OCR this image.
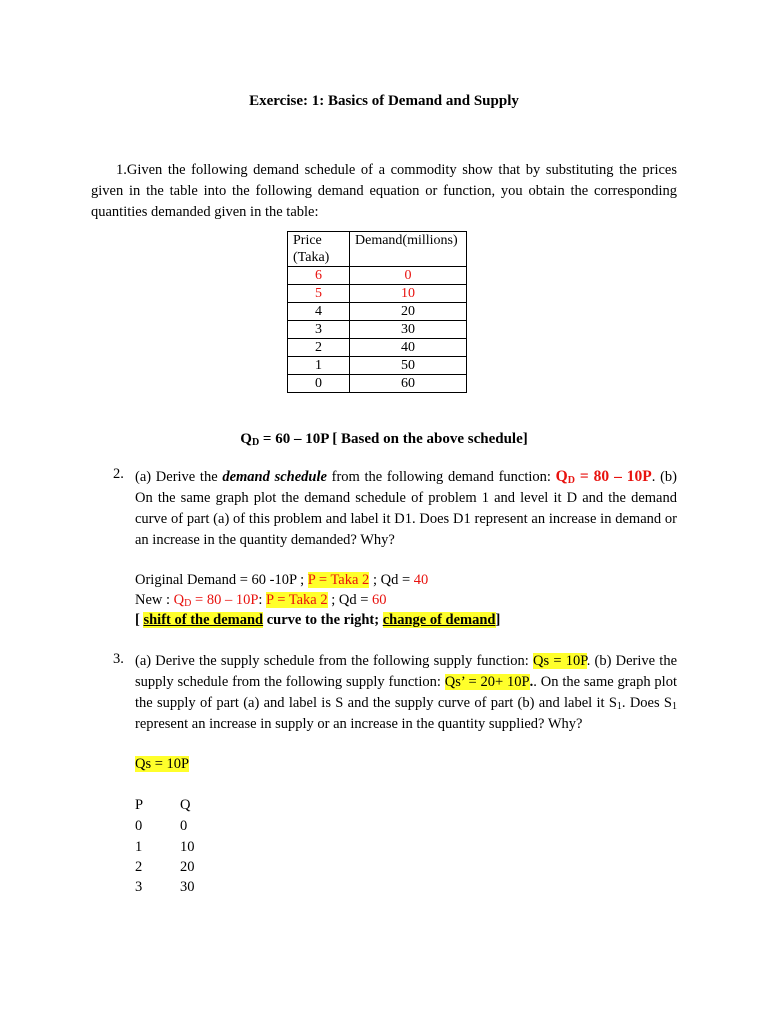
Exercise: 1: Basics of Demand and Supply
1.Given the following demand schedule of a commodity show that by substituting the prices given in the table into the following demand equation or function, you obtain the corresponding quantities demanded given in the table:
Price
(Taka)	Demand(millions)
6	0
5	10
4	20
3	30
2	40
1	50
0	60
$Q_D = 60 - 10P$ [ Based on the above schedule]
2. (a) Derive the demand schedule from the following demand function: $Q_D = 80 - 10P$. (b) On the same graph plot the demand schedule of problem 1 and level it D and the demand curve of part (a) of this problem and label it D1. Does D1 represent an increase in demand or an increase in the quantity demanded? Why?
Original Demand = 60 -10P ; P = Taka 2 ; Qd = 40
New : $Q_D = 80 - 10P$: P = Taka 2 ; Qd = 60
[ shift of the demand curve to the right; change of demand]
3. (a) Derive the supply schedule from the following supply function: Qs = 10P. (b) Derive the supply schedule from the following supply function: Qs’ = 20+ 10P.. On the same graph plot the supply of part (a) and label is S and the supply curve of part (b) and label it $S_1$. Does $S_1$ represent an increase in supply or an increase in the quantity supplied? Why?
Qs = 10P
P	Q
0	0
1	10
2	20
3	30
